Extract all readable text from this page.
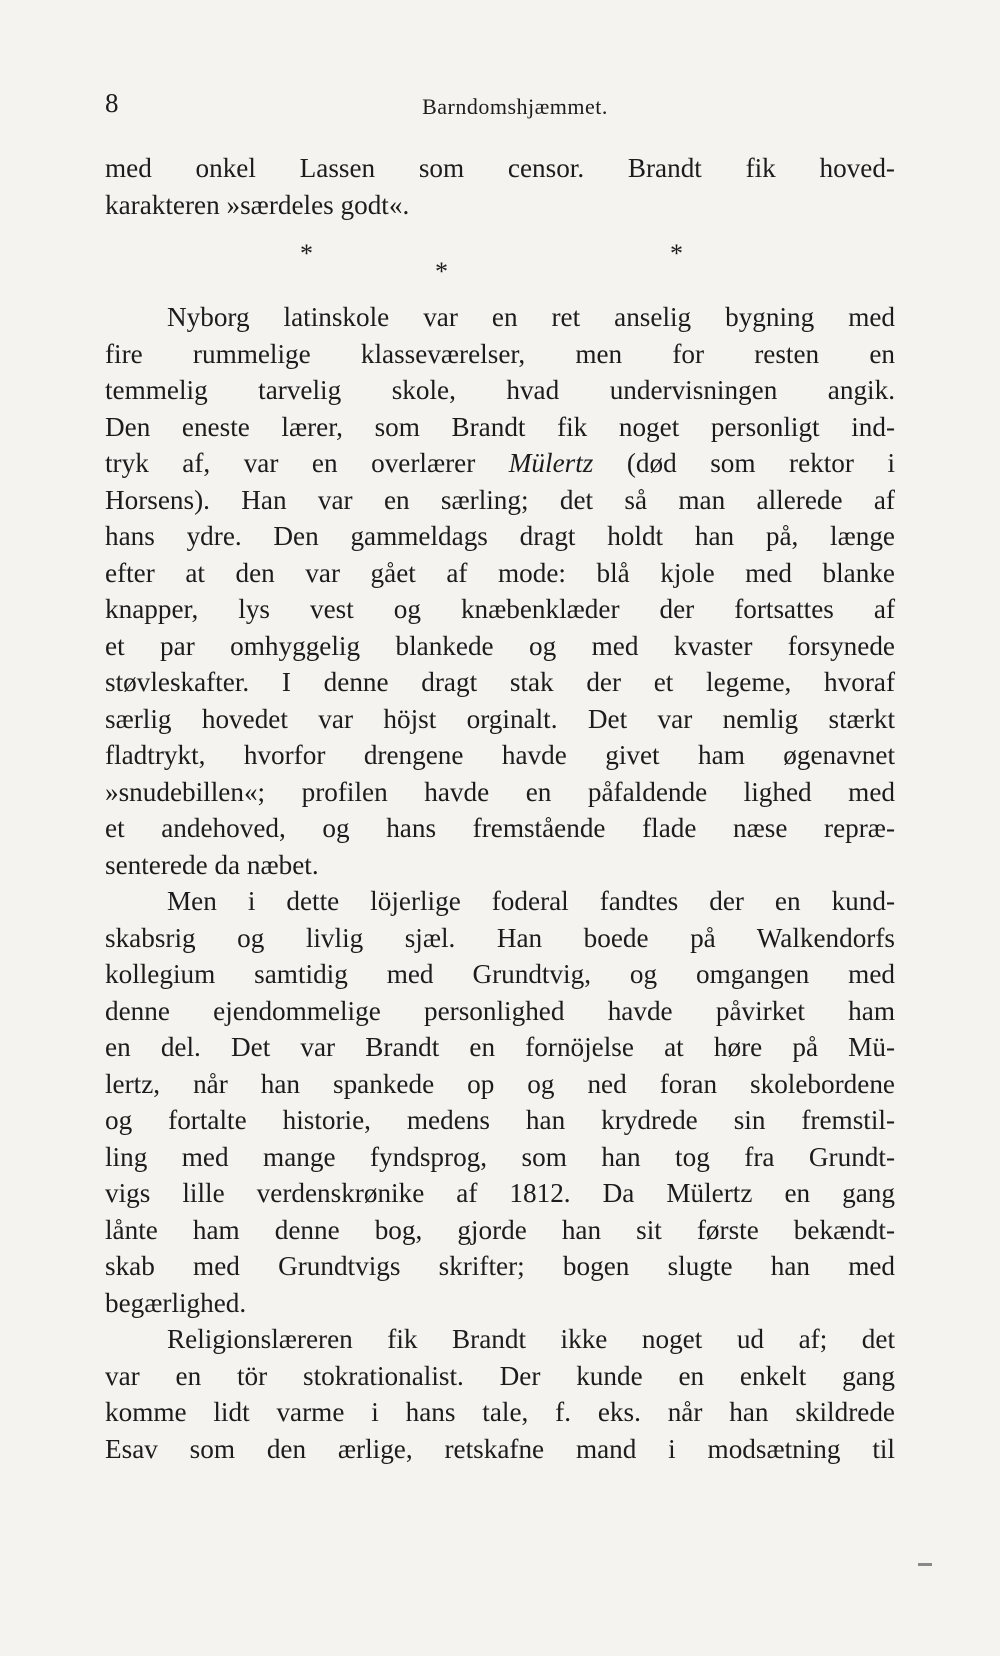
8	Barndomshjæmmet.
med onkel Lassen som censor. Brandt fik hoved-
karakteren »særdeles godt«.
*
*
*
Nyborg latinskole var en ret anselig bygning med
fire rummelige klasseværelser, men for resten en
temmelig tarvelig skole, hvad undervisningen angik.
Den eneste lærer, som Brandt fik noget personligt ind-
tryk af, var en overlærer Mülertz (død som rektor i
Horsens). Han var en særling; det så man allerede af
hans ydre. Den gammeldags dragt holdt han på, længe
efter at den var gået af mode: blå kjole med blanke
knapper, lys vest og knæbenklæder der fortsattes af
et par omhyggelig blankede og med kvaster forsynede
støvleskafter. I denne dragt stak der et legeme, hvoraf
særlig hovedet var höjst orginalt. Det var nemlig stærkt
fladtrykt, hvorfor drengene havde givet ham øgenavnet
»snudebillen«; profilen havde en påfaldende lighed med
et andehoved, og hans fremstående flade næse repræ-
senterede da næbet.
Men i dette löjerlige foderal fandtes der en kund-
skabsrig og livlig sjæl. Han boede på Walkendorfs
kollegium samtidig med Grundtvig, og omgangen med
denne ejendommelige personlighed havde påvirket ham
en del. Det var Brandt en fornöjelse at høre på Mü-
lertz, når han spankede op og ned foran skolebordene
og fortalte historie, medens han krydrede sin fremstil-
ling med mange fyndsprog, som han tog fra Grundt-
vigs lille verdenskrønike af 1812. Da Mülertz en gang
lånte ham denne bog, gjorde han sit første bekændt-
skab med Grundtvigs skrifter; bogen slugte han med
begærlighed.
Religionslæreren fik Brandt ikke noget ud af; det
var en tör stokrationalist. Der kunde en enkelt gang
komme lidt varme i hans tale, f. eks. når han skildrede
Esav som den ærlige, retskafne mand i modsætning til
